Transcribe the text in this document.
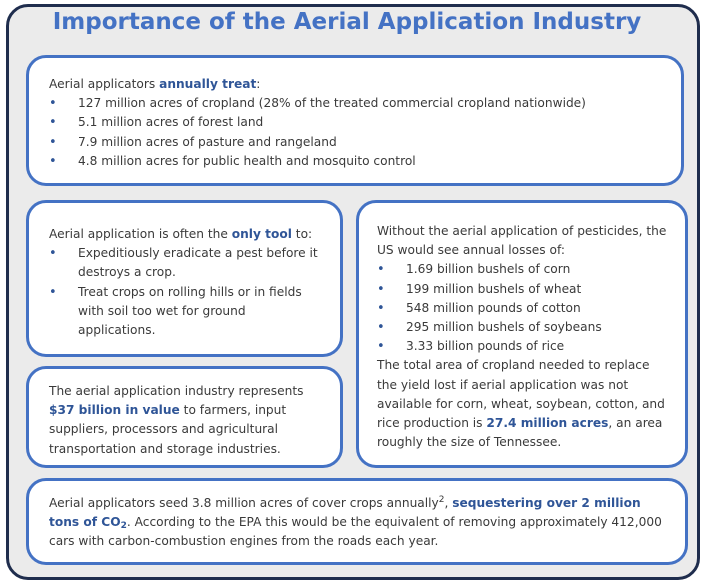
Importance of the Aerial Application Industry

Aerial applicators annually treat:

• 127 million acres of cropland (28% of the treated commercial cropland nationwide)
• 5.1 million acres of forest land
• 7.9 million acres of pasture and rangeland
• 4.8 million acres for public health and mosquito control

Aerial application is often the only tool to:

• Expeditiously eradicate a pest before it destroys a crop.
• Treat crops on rolling hills or in fields with soil too wet for ground applications.

The aerial application industry represents $37 billion in value to farmers, input suppliers, processors and agricultural transportation and storage industries.

Without the aerial application of pesticides, the US would see annual losses of:

• 1.69 billion bushels of corn
• 199 million bushels of wheat
• 548 million pounds of cotton
• 295 million bushels of soybeans
• 3.33 billion pounds of rice

The total area of cropland needed to replace the yield lost if aerial application was not available for corn, wheat, soybean, cotton, and rice production is 27.4 million acres, an area roughly the size of Tennessee.

Aerial applicators seed 3.8 million acres of cover crops annually$^2$, sequestering over 2 million tons of $CO_2$. According to the EPA this would be the equivalent of removing approximately 412,000 cars with carbon-combustion engines from the roads each year.
